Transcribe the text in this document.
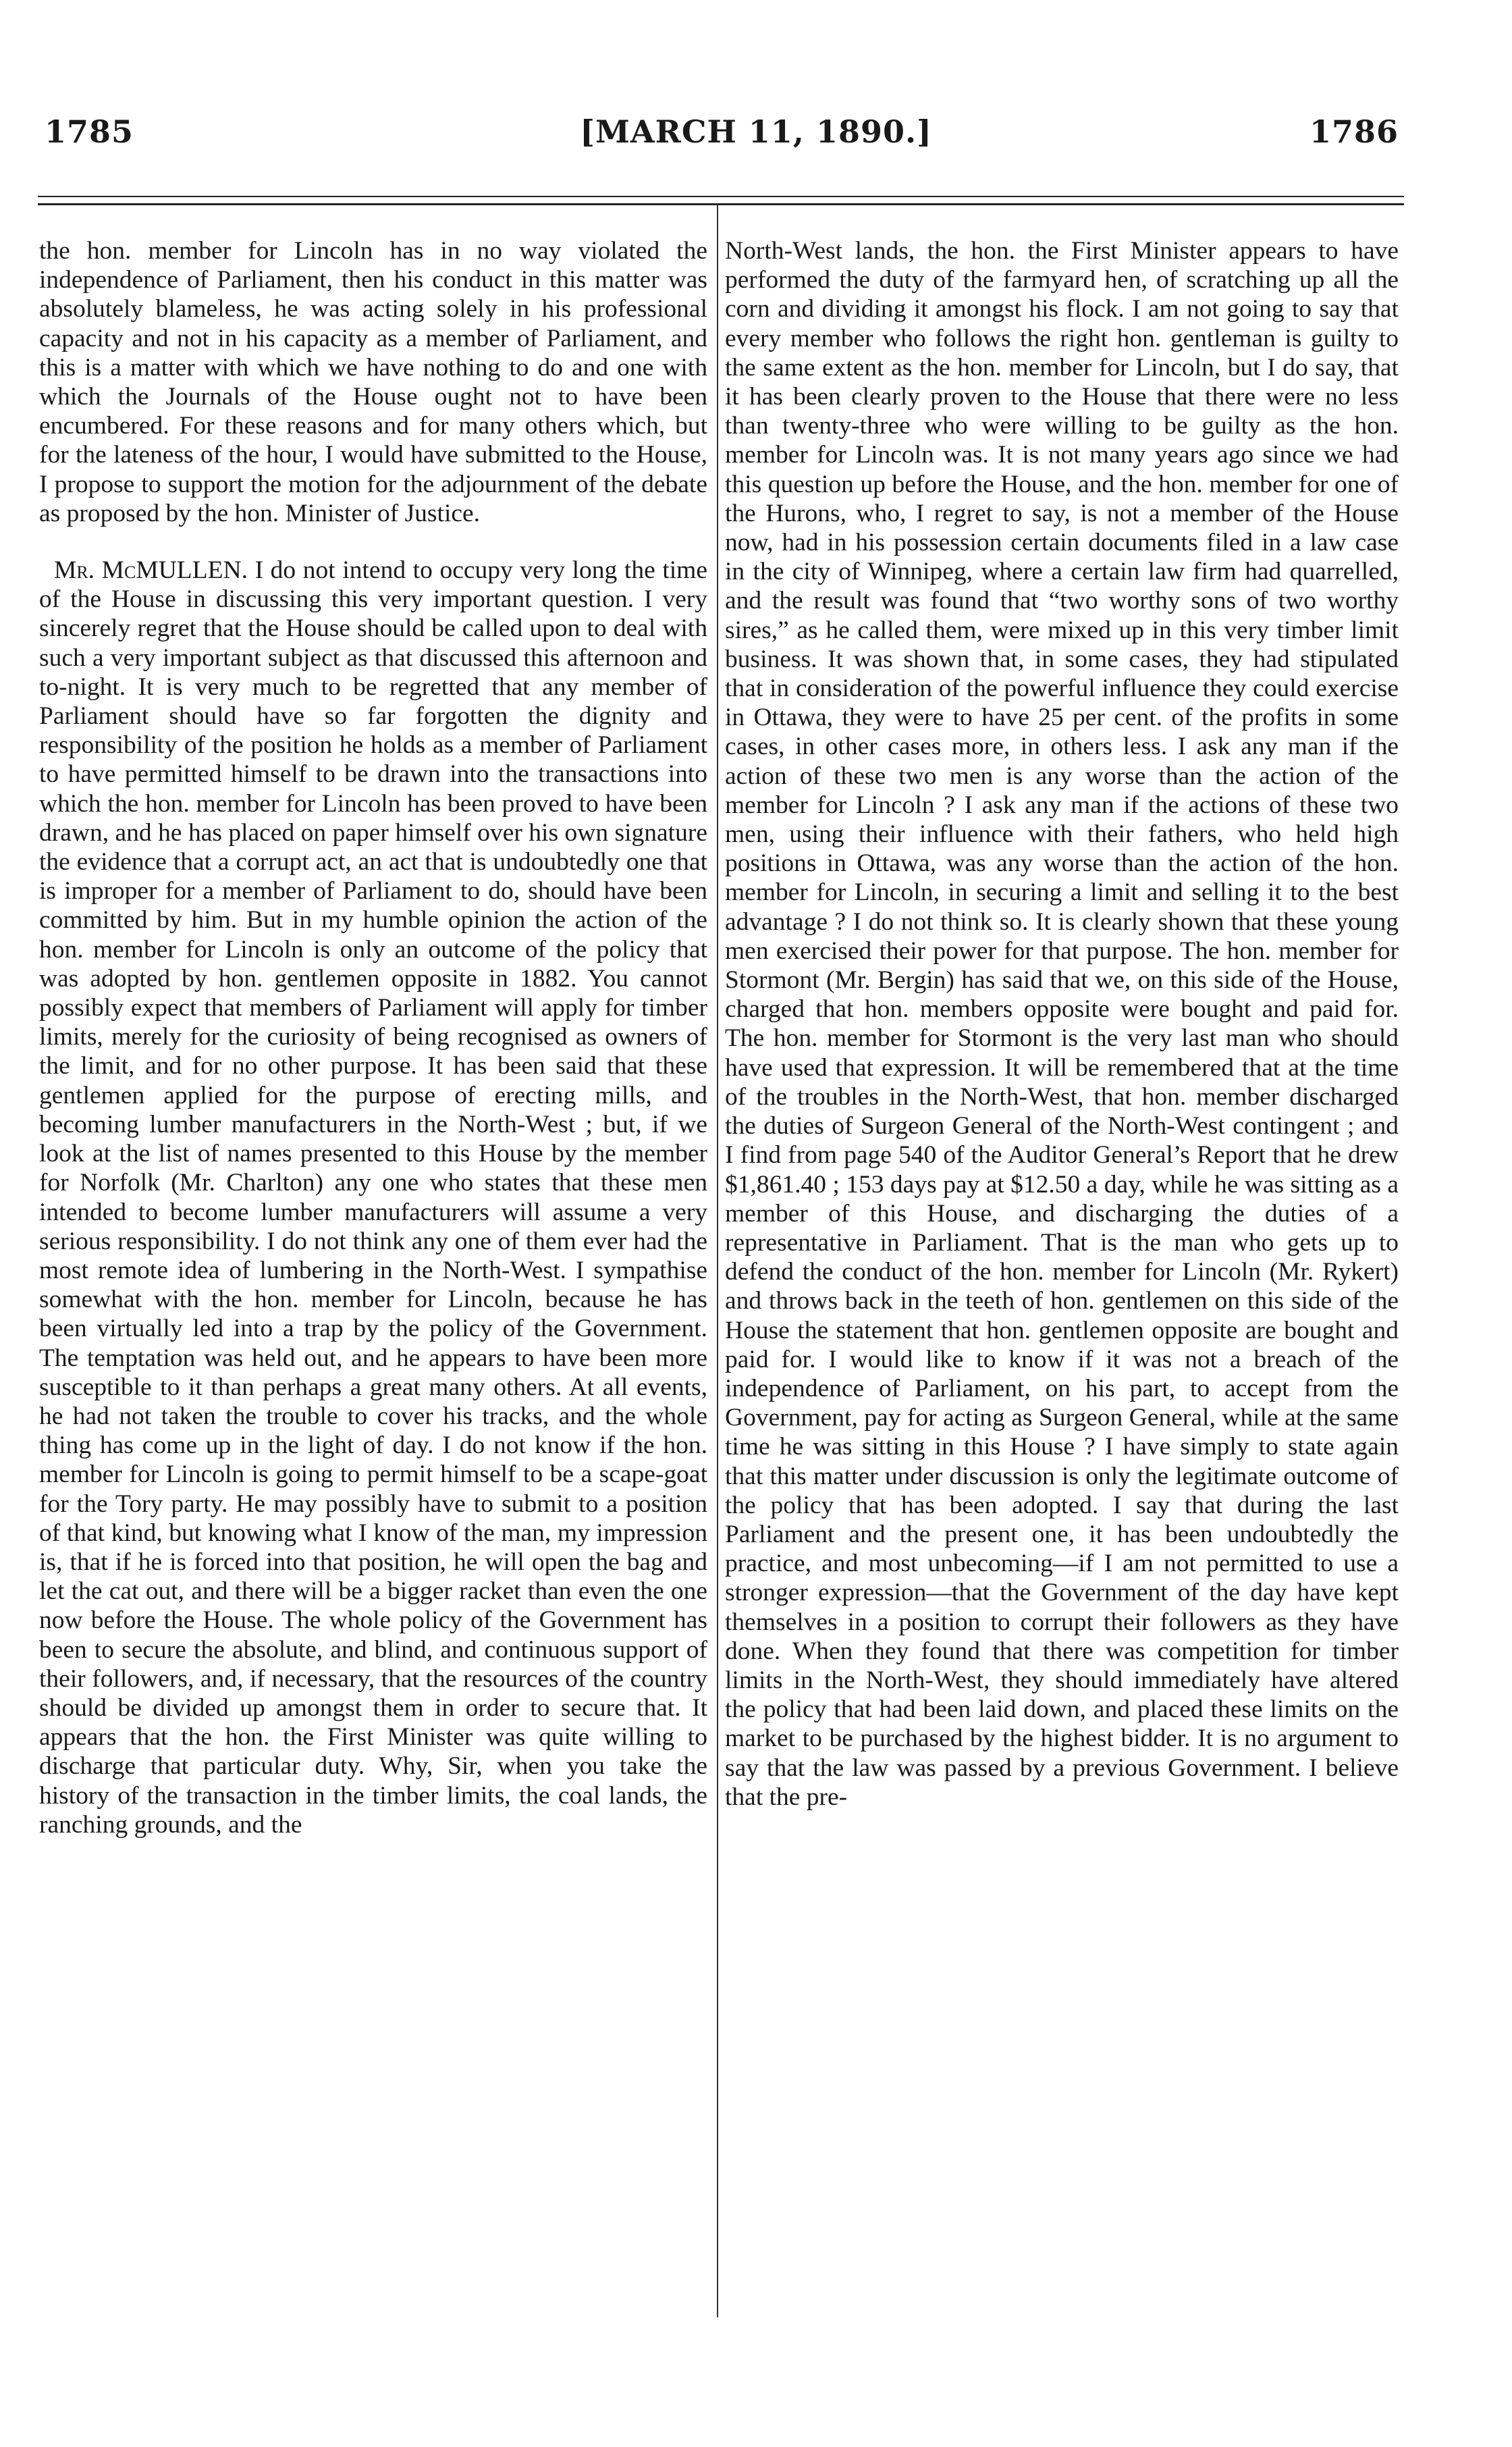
1785	[MARCH 11, 1890.]	1786

the hon. member for Lincoln has in no way violated the independence of Parliament, then his conduct in this matter was absolutely blameless, he was acting solely in his professional capacity and not in his capacity as a member of Parliament, and this is a matter with which we have nothing to do and one with which the Journals of the House ought not to have been encumbered. For these reasons and for many others which, but for the lateness of the hour, I would have submitted to the House, I propose to support the motion for the adjournment of the debate as proposed by the hon. Minister of Justice.

Mr. McMULLEN. I do not intend to occupy very long the time of the House in discussing this very important question. I very sincerely regret that the House should be called upon to deal with such a very important subject as that discussed this afternoon and to-night. It is very much to be regretted that any member of Parliament should have so far forgotten the dignity and responsibility of the position he holds as a member of Parliament to have permitted himself to be drawn into the transactions into which the hon. member for Lincoln has been proved to have been drawn, and he has placed on paper himself over his own signature the evidence that a corrupt act, an act that is undoubtedly one that is improper for a member of Parliament to do, should have been committed by him. But in my humble opinion the action of the hon. member for Lincoln is only an outcome of the policy that was adopted by hon. gentlemen opposite in 1882. You cannot possibly expect that members of Parliament will apply for timber limits, merely for the curiosity of being recognised as owners of the limit, and for no other purpose. It has been said that these gentlemen applied for the purpose of erecting mills, and becoming lumber manufacturers in the North-West ; but, if we look at the list of names presented to this House by the member for Norfolk (Mr. Charlton) any one who states that these men intended to become lumber manufacturers will assume a very serious responsibility. I do not think any one of them ever had the most remote idea of lumbering in the North-West. I sympathise somewhat with the hon. member for Lincoln, because he has been virtually led into a trap by the policy of the Government. The temptation was held out, and he appears to have been more susceptible to it than perhaps a great many others. At all events, he had not taken the trouble to cover his tracks, and the whole thing has come up in the light of day. I do not know if the hon. member for Lincoln is going to permit himself to be a scape-goat for the Tory party. He may possibly have to submit to a position of that kind, but knowing what I know of the man, my impression is, that if he is forced into that position, he will open the bag and let the cat out, and there will be a bigger racket than even the one now before the House. The whole policy of the Government has been to secure the absolute, and blind, and continuous support of their followers, and, if necessary, that the resources of the country should be divided up amongst them in order to secure that. It appears that the hon. the First Minister was quite willing to discharge that particular duty. Why, Sir, when you take the history of the transaction in the timber limits, the coal lands, the ranching grounds, and the

North-West lands, the hon. the First Minister appears to have performed the duty of the farmyard hen, of scratching up all the corn and dividing it amongst his flock. I am not going to say that every member who follows the right hon. gentleman is guilty to the same extent as the hon. member for Lincoln, but I do say, that it has been clearly proven to the House that there were no less than twenty-three who were willing to be guilty as the hon. member for Lincoln was. It is not many years ago since we had this question up before the House, and the hon. member for one of the Hurons, who, I regret to say, is not a member of the House now, had in his possession certain documents filed in a law case in the city of Winnipeg, where a certain law firm had quarrelled, and the result was found that “two worthy sons of two worthy sires,” as he called them, were mixed up in this very timber limit business. It was shown that, in some cases, they had stipulated that in consideration of the powerful influence they could exercise in Ottawa, they were to have 25 per cent. of the profits in some cases, in other cases more, in others less. I ask any man if the action of these two men is any worse than the action of the member for Lincoln ? I ask any man if the actions of these two men, using their influence with their fathers, who held high positions in Ottawa, was any worse than the action of the hon. member for Lincoln, in securing a limit and selling it to the best advantage ? I do not think so. It is clearly shown that these young men exercised their power for that purpose. The hon. member for Stormont (Mr. Bergin) has said that we, on this side of the House, charged that hon. members opposite were bought and paid for. The hon. member for Stormont is the very last man who should have used that expression. It will be remembered that at the time of the troubles in the North-West, that hon. member discharged the duties of Surgeon General of the North-West contingent ; and I find from page 540 of the Auditor General’s Report that he drew $1,861.40 ; 153 days pay at $12.50 a day, while he was sitting as a member of this House, and discharging the duties of a representative in Parliament. That is the man who gets up to defend the conduct of the hon. member for Lincoln (Mr. Rykert) and throws back in the teeth of hon. gentlemen on this side of the House the statement that hon. gentlemen opposite are bought and paid for. I would like to know if it was not a breach of the independence of Parliament, on his part, to accept from the Government, pay for acting as Surgeon General, while at the same time he was sitting in this House ? I have simply to state again that this matter under discussion is only the legitimate outcome of the policy that has been adopted. I say that during the last Parliament and the present one, it has been undoubtedly the practice, and most unbecoming—if I am not permitted to use a stronger expression—that the Government of the day have kept themselves in a position to corrupt their followers as they have done. When they found that there was competition for timber limits in the North-West, they should immediately have altered the policy that had been laid down, and placed these limits on the market to be purchased by the highest bidder. It is no argument to say that the law was passed by a previous Government. I believe that the pre-
